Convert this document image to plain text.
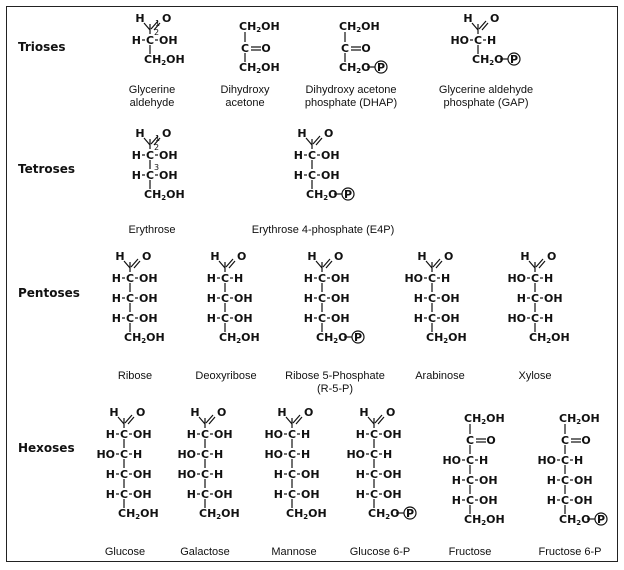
Trioses
Tetroses
Pentoses
Hexoses
H O
1
C
H OH
2
CH2OH
CH2OH
C O
CH2OH
CH2OH
C O
CH2O P
H O
C
HO H
CH2O P
H O
1
C
H OH
2
C
H OH
3
CH2OH
H O
C
H OH
C
H OH
CH2O P
H O
C
H OH
C
H OH
C
H OH
CH2OH
H O
C
H H
C
H OH
C
H OH
CH2OH
H O
C
H OH
C
H OH
C
H OH
CH2O P
H O
C
HO H
C
H OH
C
H OH
CH2OH
H O
C
HO H
C
H OH
C
HO H
CH2OH
H O
C
H OH
C
HO H
C
H OH
C
H OH
CH2OH
H O
C
H OH
C
HO H
C
HO H
C
H OH
CH2OH
H O
C
HO H
C
HO H
C
H OH
C
H OH
CH2OH
H O
C
H OH
C
HO H
C
H OH
C
H OH
CH2O P
CH2OH
C O
C
HO H
C
H OH
C
H OH
CH2OH
CH2OH
C O
C
HO H
C
H OH
C
H OH
CH2O P
Glycerine
aldehyde
Dihydroxy
acetone
Dihydroxy acetone
phosphate (DHAP)
Glycerine aldehyde
phosphate (GAP)
Erythrose	Erythrose 4-phosphate (E4P)
Ribose	Deoxyribose	Ribose 5-Phosphate
(R-5-P)
Arabinose	Xylose
Glucose	Galactose	Mannose	Glucose 6-P	Fructose	Fructose 6-P
